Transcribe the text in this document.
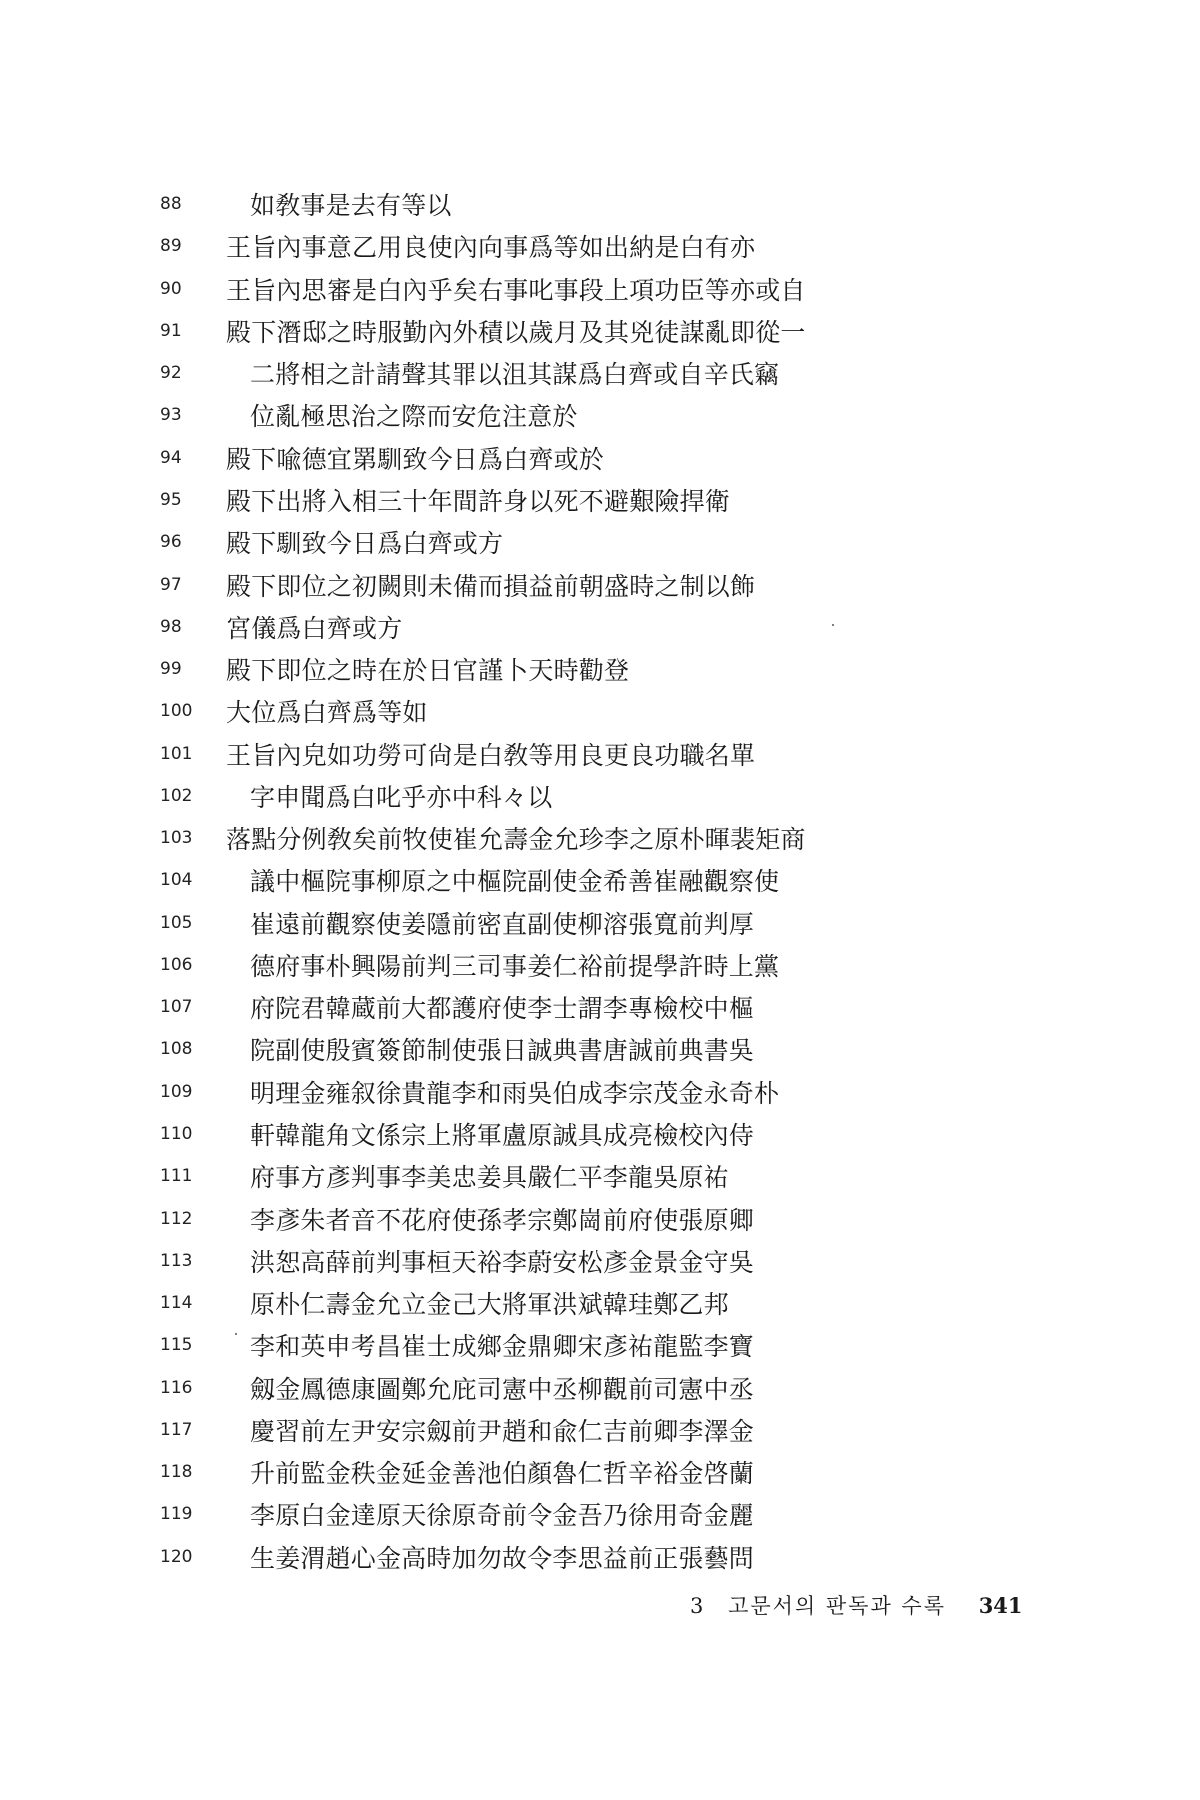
88	如敎事是去有等以
89	王旨內事意乙用良使內向事爲等如出納是白有亦
90	王旨內思審是白內乎矣右事叱事段上項功臣等亦或自
91	殿下潛邸之時服勤內外積以歲月及其兇徒謀亂即從一
92	二將相之計請聲其罪以沮其謀爲白齊或自辛氏竊
93	位亂極思治之際而安危注意於
94	殿下喩德宜罤馴致今日爲白齊或於
95	殿下出將入相三十年間許身以死不避艱險捍衛
96	殿下馴致今日爲白齊或方
97	殿下即位之初闕則未備而損益前朝盛時之制以飾
98	宮儀爲白齊或方
99	殿下即位之時在於日官謹卜天時勸登
100	大位爲白齊爲等如
101	王旨內皃如功勞可尙是白敎等用良更良功職名單
102	字申聞爲白叱乎亦中科々以
103	落點分例敎矣前牧使崔允壽金允珍李之原朴暉裴矩商
104	議中樞院事柳原之中樞院副使金希善崔融觀察使
105	崔遠前觀察使姜隱前密直副使柳溶張寬前判厚
106	德府事朴興陽前判三司事姜仁裕前提學許時上黨
107	府院君韓蔵前大都護府使李士謂李專檢校中樞
108	院副使殷賓簽節制使張日誠典書唐誠前典書吳
109	明理金雍叙徐貴龍李和雨吳伯成李宗茂金永奇朴
110	軒韓龍角文係宗上將軍盧原誠具成亮檢校內侍
111	府事方彥判事李美忠姜具嚴仁平李龍吳原祐
112	李彥朱者音不花府使孫孝宗鄭崗前府使張原卿
113	洪恕高薛前判事桓天裕李蔚安松彥金景金守吳
114	原朴仁壽金允立金己大將軍洪斌韓珪鄭乙邦
115	李和英申考昌崔士成鄉金鼎卿宋彥祐龍監李寶
116	劔金鳳德康圖鄭允庇司憲中丞柳觀前司憲中丞
117	慶習前左尹安宗劔前尹趙和兪仁吉前卿李澤金
118	升前監金秩金延金善池伯顏魯仁哲辛裕金啓蘭
119	李原白金達原天徐原奇前令金吾乃徐用奇金麗
120	生姜渭趙心金高時加勿故令李思益前正張藝問
3 고문서의 판독과 수록 341
